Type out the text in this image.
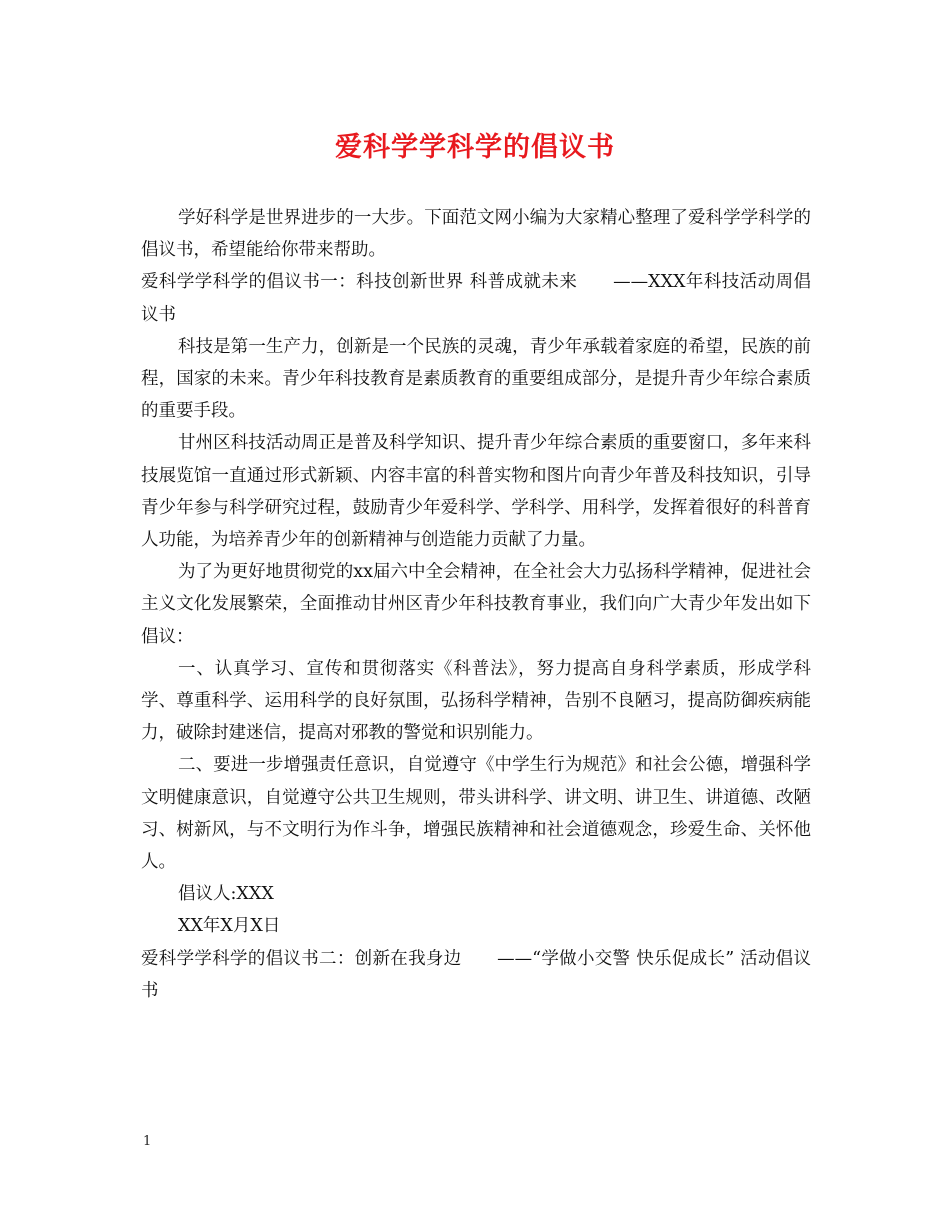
爱科学学科学的倡议书

学好科学是世界进步的一大步。下面范文网小编为大家精心整理了爱科学学科学的倡议书，希望能给你带来帮助。

爱科学学科学的倡议书一：科技创新世界 科普成就未来　　——XXX年科技活动周倡议书

科技是第一生产力，创新是一个民族的灵魂，青少年承载着家庭的希望，民族的前程，国家的未来。青少年科技教育是素质教育的重要组成部分，是提升青少年综合素质的重要手段。

甘州区科技活动周正是普及科学知识、提升青少年综合素质的重要窗口，多年来科技展览馆一直通过形式新颖、内容丰富的科普实物和图片向青少年普及科技知识，引导青少年参与科学研究过程，鼓励青少年爱科学、学科学、用科学，发挥着很好的科普育人功能，为培养青少年的创新精神与创造能力贡献了力量。

为了为更好地贯彻党的xx届六中全会精神，在全社会大力弘扬科学精神，促进社会主义文化发展繁荣，全面推动甘州区青少年科技教育事业，我们向广大青少年发出如下倡议：

一、认真学习、宣传和贯彻落实《科普法》，努力提高自身科学素质，形成学科学、尊重科学、运用科学的良好氛围，弘扬科学精神，告别不良陋习，提高防御疾病能力，破除封建迷信，提高对邪教的警觉和识别能力。

二、要进一步增强责任意识，自觉遵守《中学生行为规范》和社会公德，增强科学文明健康意识，自觉遵守公共卫生规则，带头讲科学、讲文明、讲卫生、讲道德、改陋习、树新风，与不文明行为作斗争，增强民族精神和社会道德观念，珍爱生命、关怀他人。

倡议人:XXX

XX年X月X日

爱科学学科学的倡议书二：创新在我身边　　——“学做小交警 快乐促成长” 活动倡议书

1
